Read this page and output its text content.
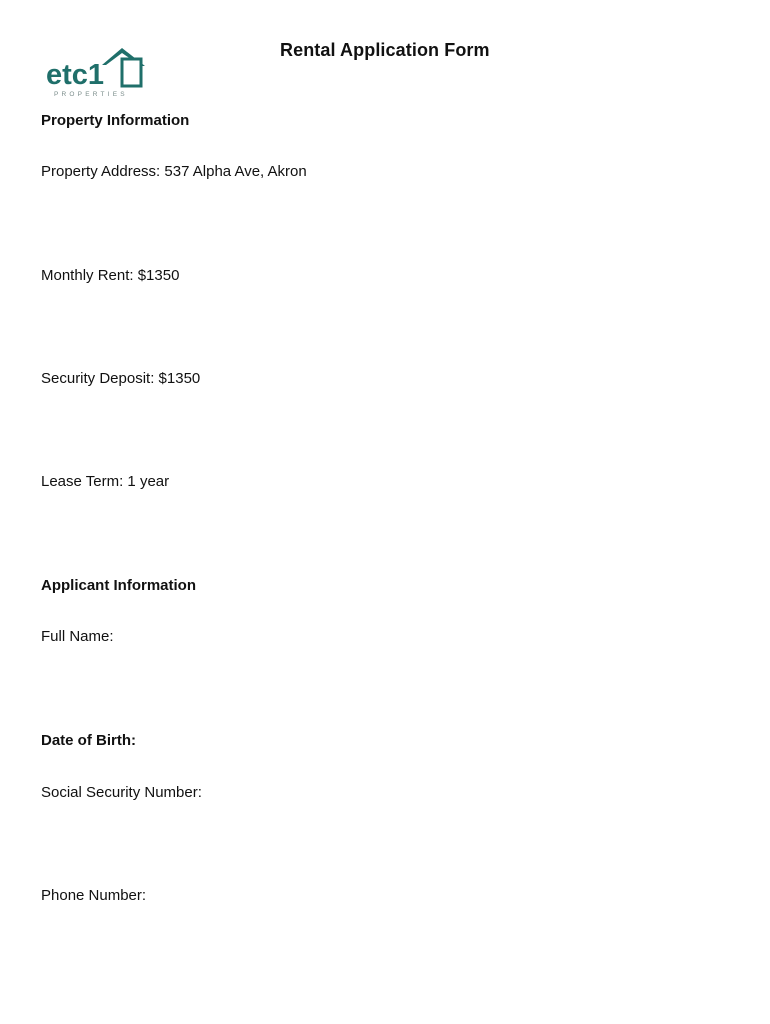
etc1
PROPERTIES
Rental Application Form
Property Information
Property Address: 537 Alpha Ave, Akron
Monthly Rent: $1350
Security Deposit: $1350
Lease Term: 1 year
Applicant Information
Full Name:
Date of Birth:
Social Security Number:
Phone Number:
